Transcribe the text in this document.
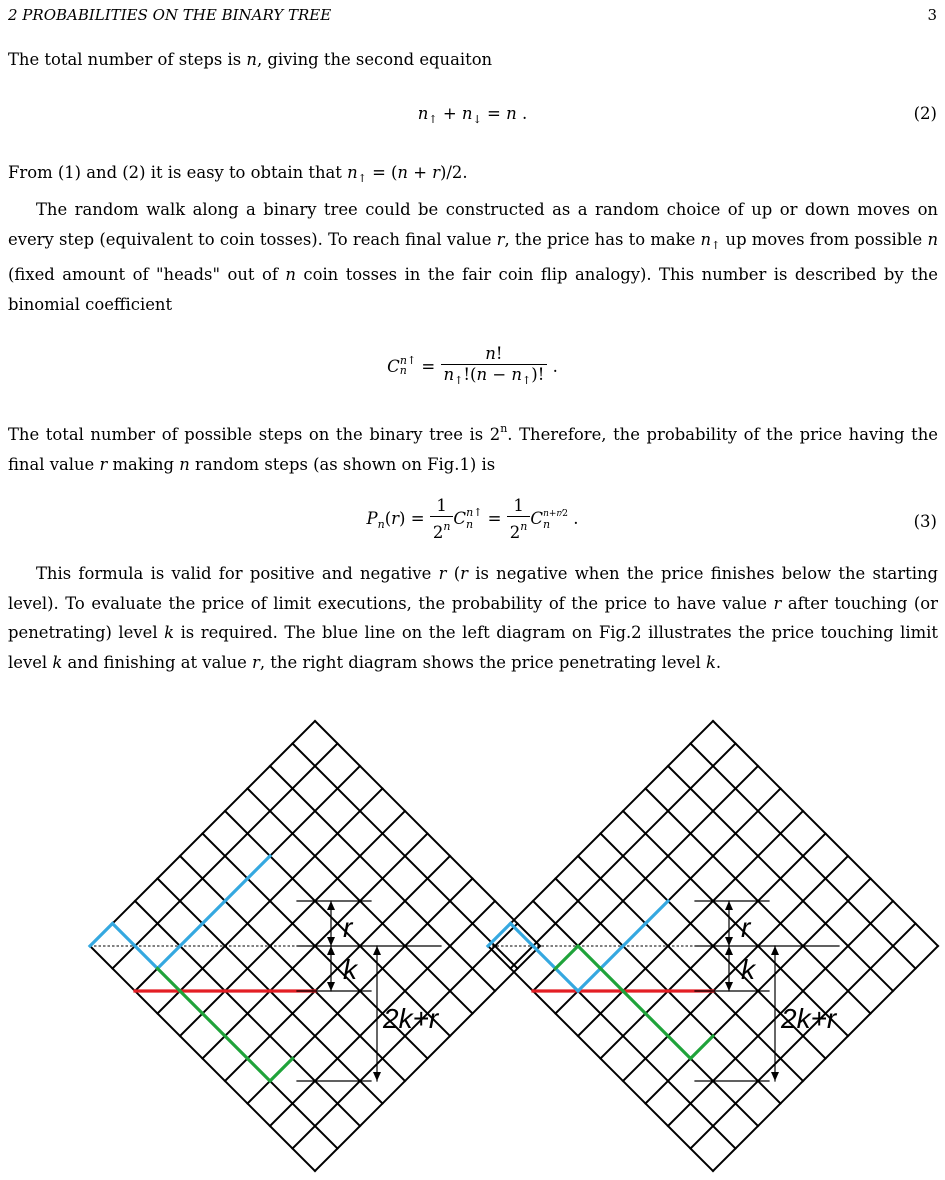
2 PROBABILITIES ON THE BINARY TREE	3
The total number of steps is n, giving the second equaiton
$n_↑ + n_↓ = n$ .	(2)
From (1) and (2) it is easy to obtain that $n_↑ = (n + r)/2$.
The random walk along a binary tree could be constructed as a random choice of up or down moves on every step (equivalent to coin tosses). To reach final value r, the price has to make $n_↑$ up moves from possible n (fixed amount of "heads" out of n coin tosses in the fair coin flip analogy). This number is described by the binomial coefficient
$Cn^{n↑} = \frac{n!}{n_↑!(n - n_↑)!}$ .
The total number of possible steps on the binary tree is 2$^n$. Therefore, the probability of the price having the final value r making n random steps (as shown on Fig.1) is
$P_n(r) = \frac{1}{2^n} C_n^{n↑} = \frac{1}{2^n} C_n^{n+r⁄2}$ .	(3)
This formula is valid for positive and negative r (r is negative when the price finishes below the starting level). To evaluate the price of limit executions, the probability of the price to have value r after touching (or penetrating) level k is required. The blue line on the left diagram on Fig.2 illustrates the price touching limit level k and finishing at value r, the right diagram shows the price penetrating level k.
r
k
2k+r
r
k
2k+r
